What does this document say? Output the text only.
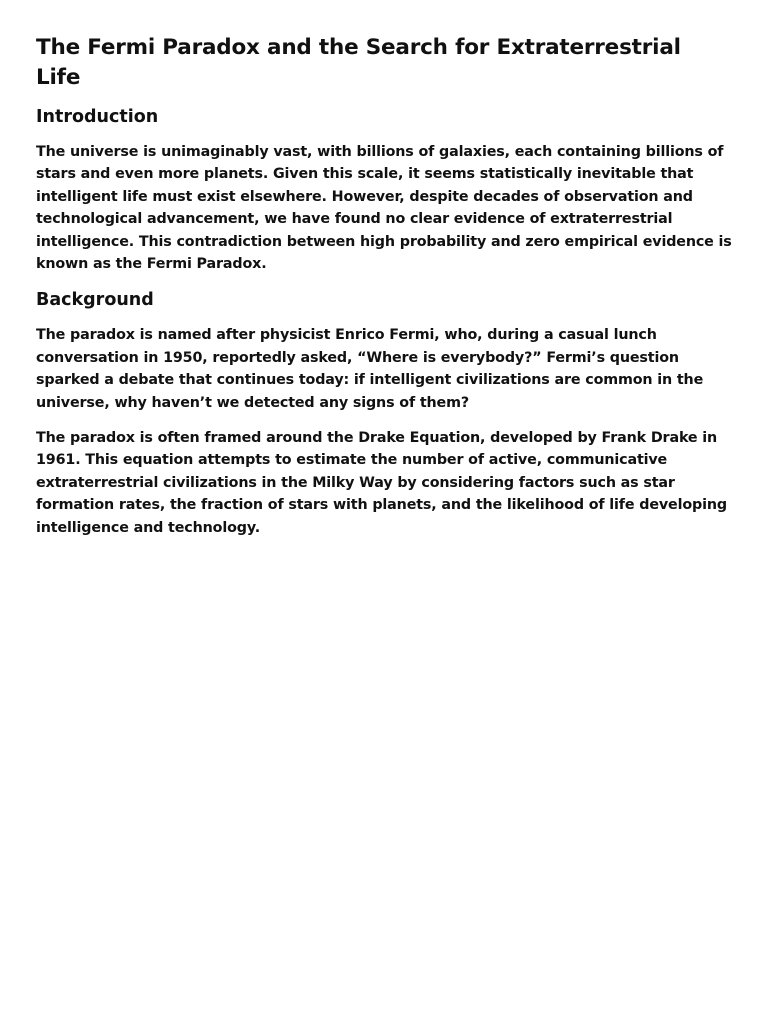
The Fermi Paradox and the Search for Extraterrestrial Life
Introduction

The universe is unimaginably vast, with billions of galaxies, each containing billions of stars and even more planets. Given this scale, it seems statistically inevitable that intelligent life must exist elsewhere. However, despite decades of observation and technological advancement, we have found no clear evidence of extraterrestrial intelligence. This contradiction between high probability and zero empirical evidence is known as the Fermi Paradox.

Background

The paradox is named after physicist Enrico Fermi, who, during a casual lunch conversation in 1950, reportedly asked, “Where is everybody?” Fermi’s question sparked a debate that continues today: if intelligent civilizations are common in the universe, why haven’t we detected any signs of them?

The paradox is often framed around the Drake Equation, developed by Frank Drake in 1961. This equation attempts to estimate the number of active, communicative extraterrestrial civilizations in the Milky Way by considering factors such as star formation rates, the fraction of stars with planets, and the likelihood of life developing intelligence and technology.
